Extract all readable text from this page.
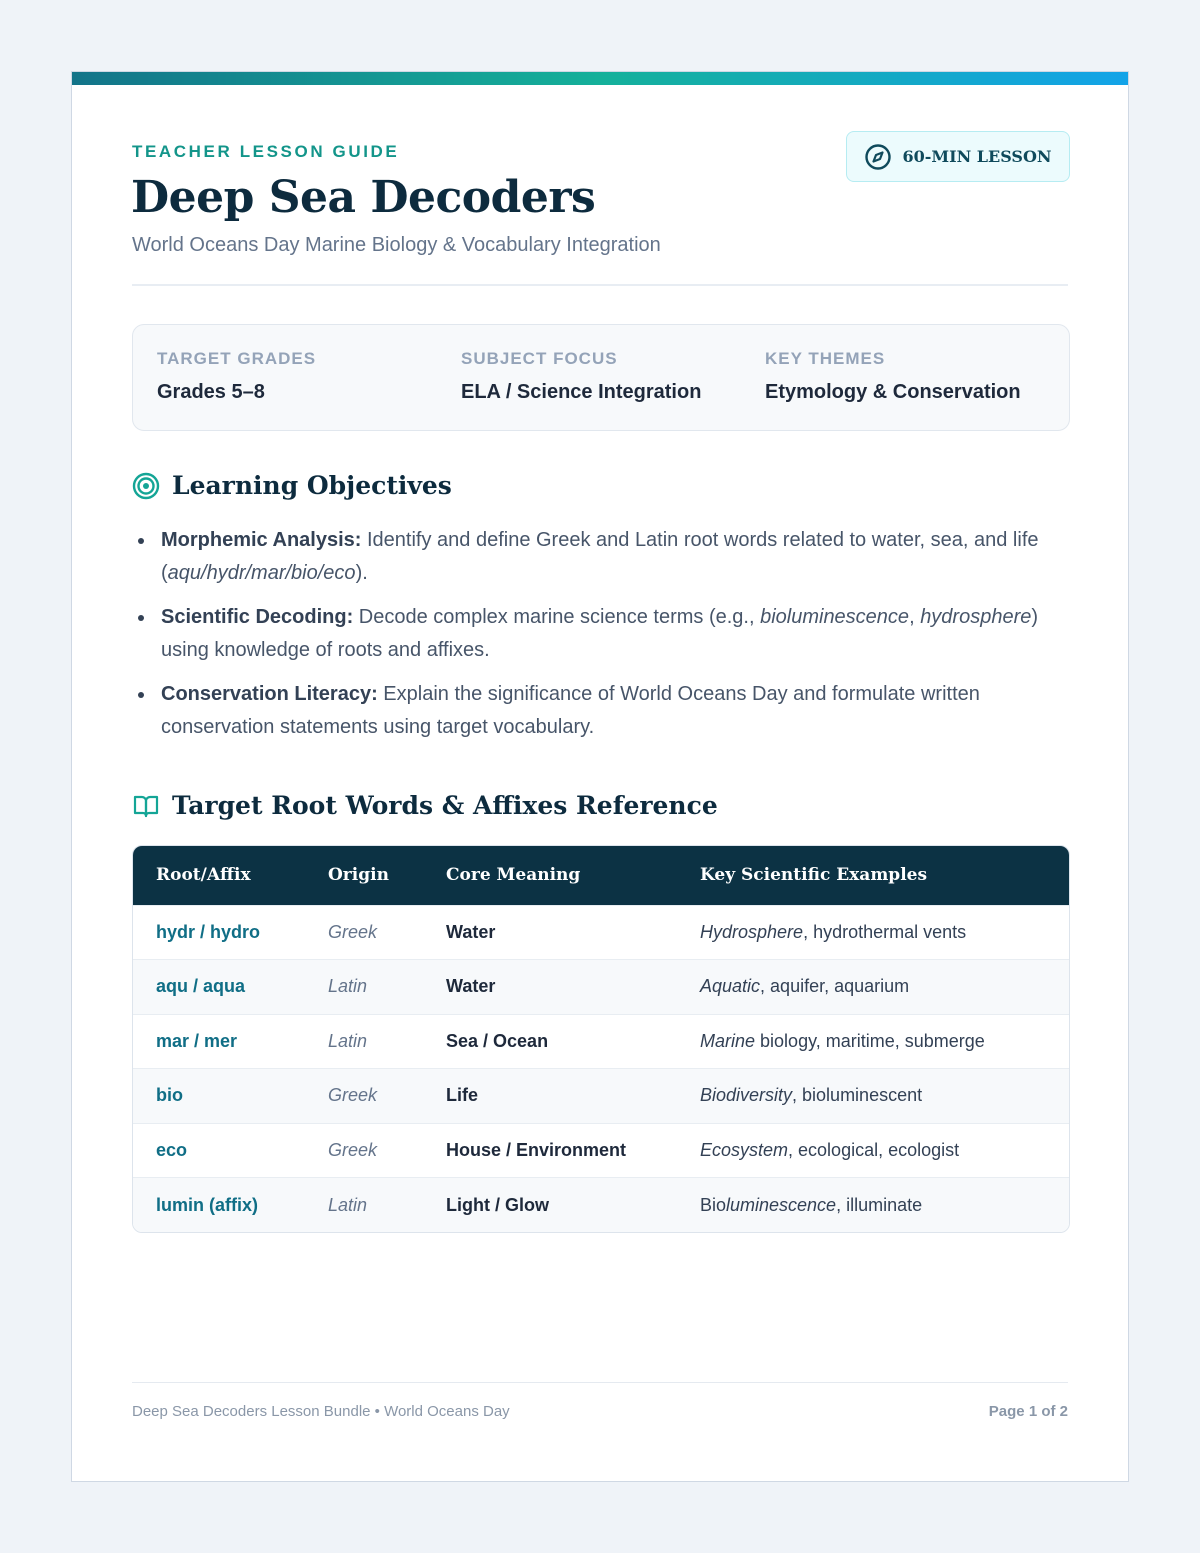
TEACHER LESSON GUIDE
Deep Sea Decoders
World Oceans Day Marine Biology & Vocabulary Integration
60-MIN LESSON
TARGET GRADES
Grades 5–8
SUBJECT FOCUS
ELA / Science Integration
KEY THEMES
Etymology & Conservation
Learning Objectives
Morphemic Analysis: Identify and define Greek and Latin root words related to water, sea, and life (aqu/hydr/mar/bio/eco).
Scientific Decoding: Decode complex marine science terms (e.g., bioluminescence, hydrosphere) using knowledge of roots and affixes.
Conservation Literacy: Explain the significance of World Oceans Day and formulate written conservation statements using target vocabulary.
Target Root Words & Affixes Reference
Root/Affix	Origin	Core Meaning	Key Scientific Examples
hydr / hydro	Greek	Water	Hydrosphere, hydrothermal vents
aqu / aqua	Latin	Water	Aquatic, aquifer, aquarium
mar / mer	Latin	Sea / Ocean	Marine biology, maritime, submerge
bio	Greek	Life	Biodiversity, bioluminescent
eco	Greek	House / Environment	Ecosystem, ecological, ecologist
lumin (affix)	Latin	Light / Glow	Bioluminescence, illuminate
Deep Sea Decoders Lesson Bundle • World Oceans Day	Page 1 of 2
